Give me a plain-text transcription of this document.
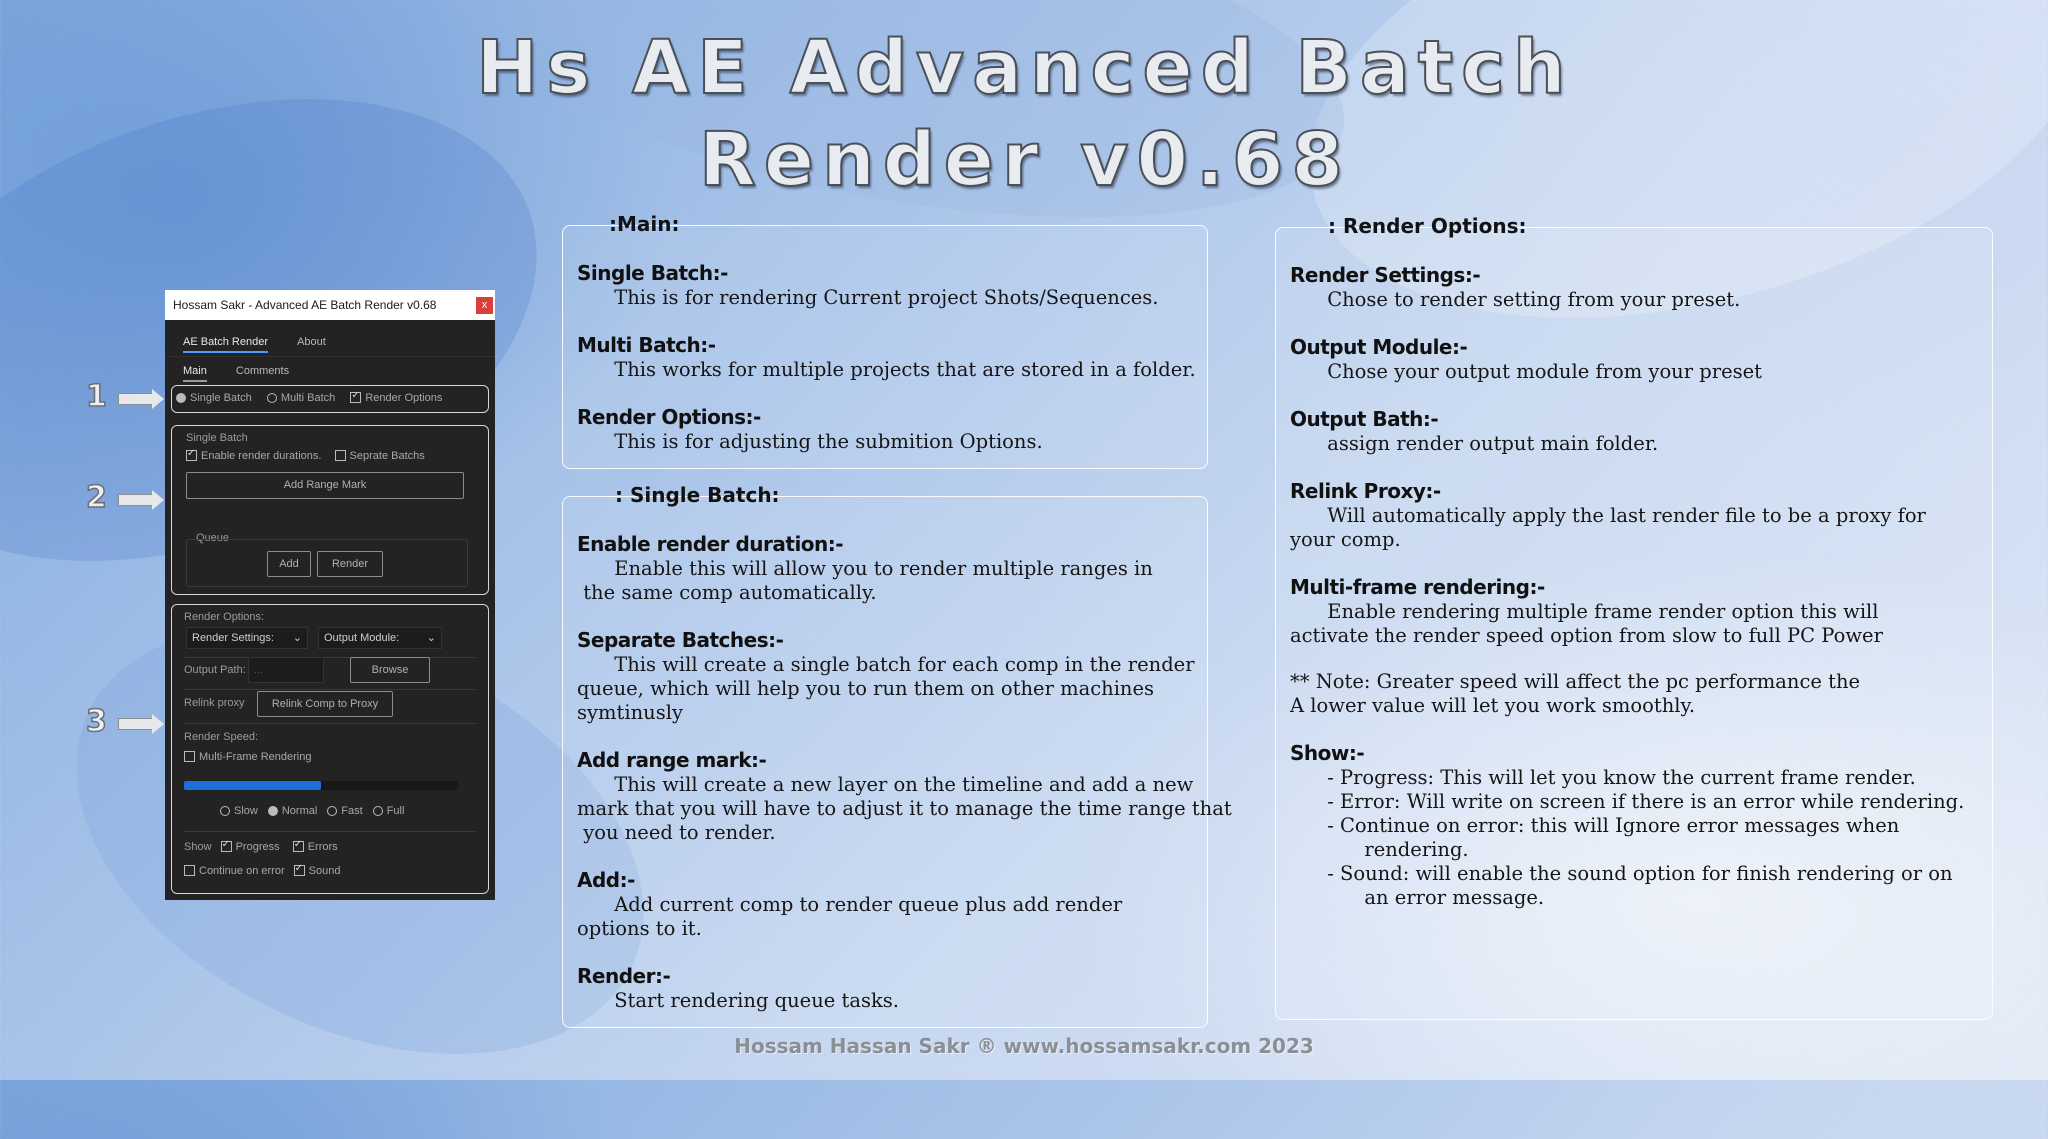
Hs AE Advanced Batch
Render v0.68
1
2
3
Hossam Sakr - Advanced AE Batch Render v0.68	x
AE Batch Render	About
Main	Comments
Single Batch	Multi Batch ✓	Render Options
Single Batch
✓Enable render durations.	Seprate Batchs
Add Range Mark
Queue
Add	Render
Render Options:
Render Settings: ⌄	Output Module:	⌄
Output Path: ...	Browse
Relink proxy	Relink Comp to Proxy
Render Speed:
Multi-Frame Rendering
Slow Normal Fast Full
Show ✓ Progress ✓	Errors
Continue on error ✓ Sound
:Main:
Single Batch:-
This is for rendering Current project Shots/Sequences.
Multi Batch:-
This works for multiple projects that are stored in a folder.
Render Options:-
This is for adjusting the submition Options.
: Single Batch:
Enable render duration:-
Enable this will allow you to render multiple ranges in
the same comp automatically.
Separate Batches:-
This will create a single batch for each comp in the render
queue, which will help you to run them on other machines
symtinusly
Add range mark:-
This will create a new layer on the timeline and add a new
mark that you will have to adjust it to manage the time range that
you need to render.
Add:-
Add current comp to render queue plus add render
options to it.
Render:-
Start rendering queue tasks.
: Render Options:
Render Settings:-
Chose to render setting from your preset.
Output Module:-
Chose your output module from your preset
Output Bath:-
assign render output main folder.
Relink Proxy:-
Will automatically apply the last render file to be a proxy for
your comp.
Multi-frame rendering:-
Enable rendering multiple frame render option this will
activate the render speed option from slow to full PC Power
** Note: Greater speed will affect the pc performance the
A lower value will let you work smoothly.
Show:-
- Progress: This will let you know the current frame render.
- Error: Will write on screen if there is an error while rendering.
- Continue on error: this will Ignore error messages when
rendering.
- Sound: will enable the sound option for finish rendering or on
an error message.
Hossam Hassan Sakr ® www.hossamsakr.com 2023
